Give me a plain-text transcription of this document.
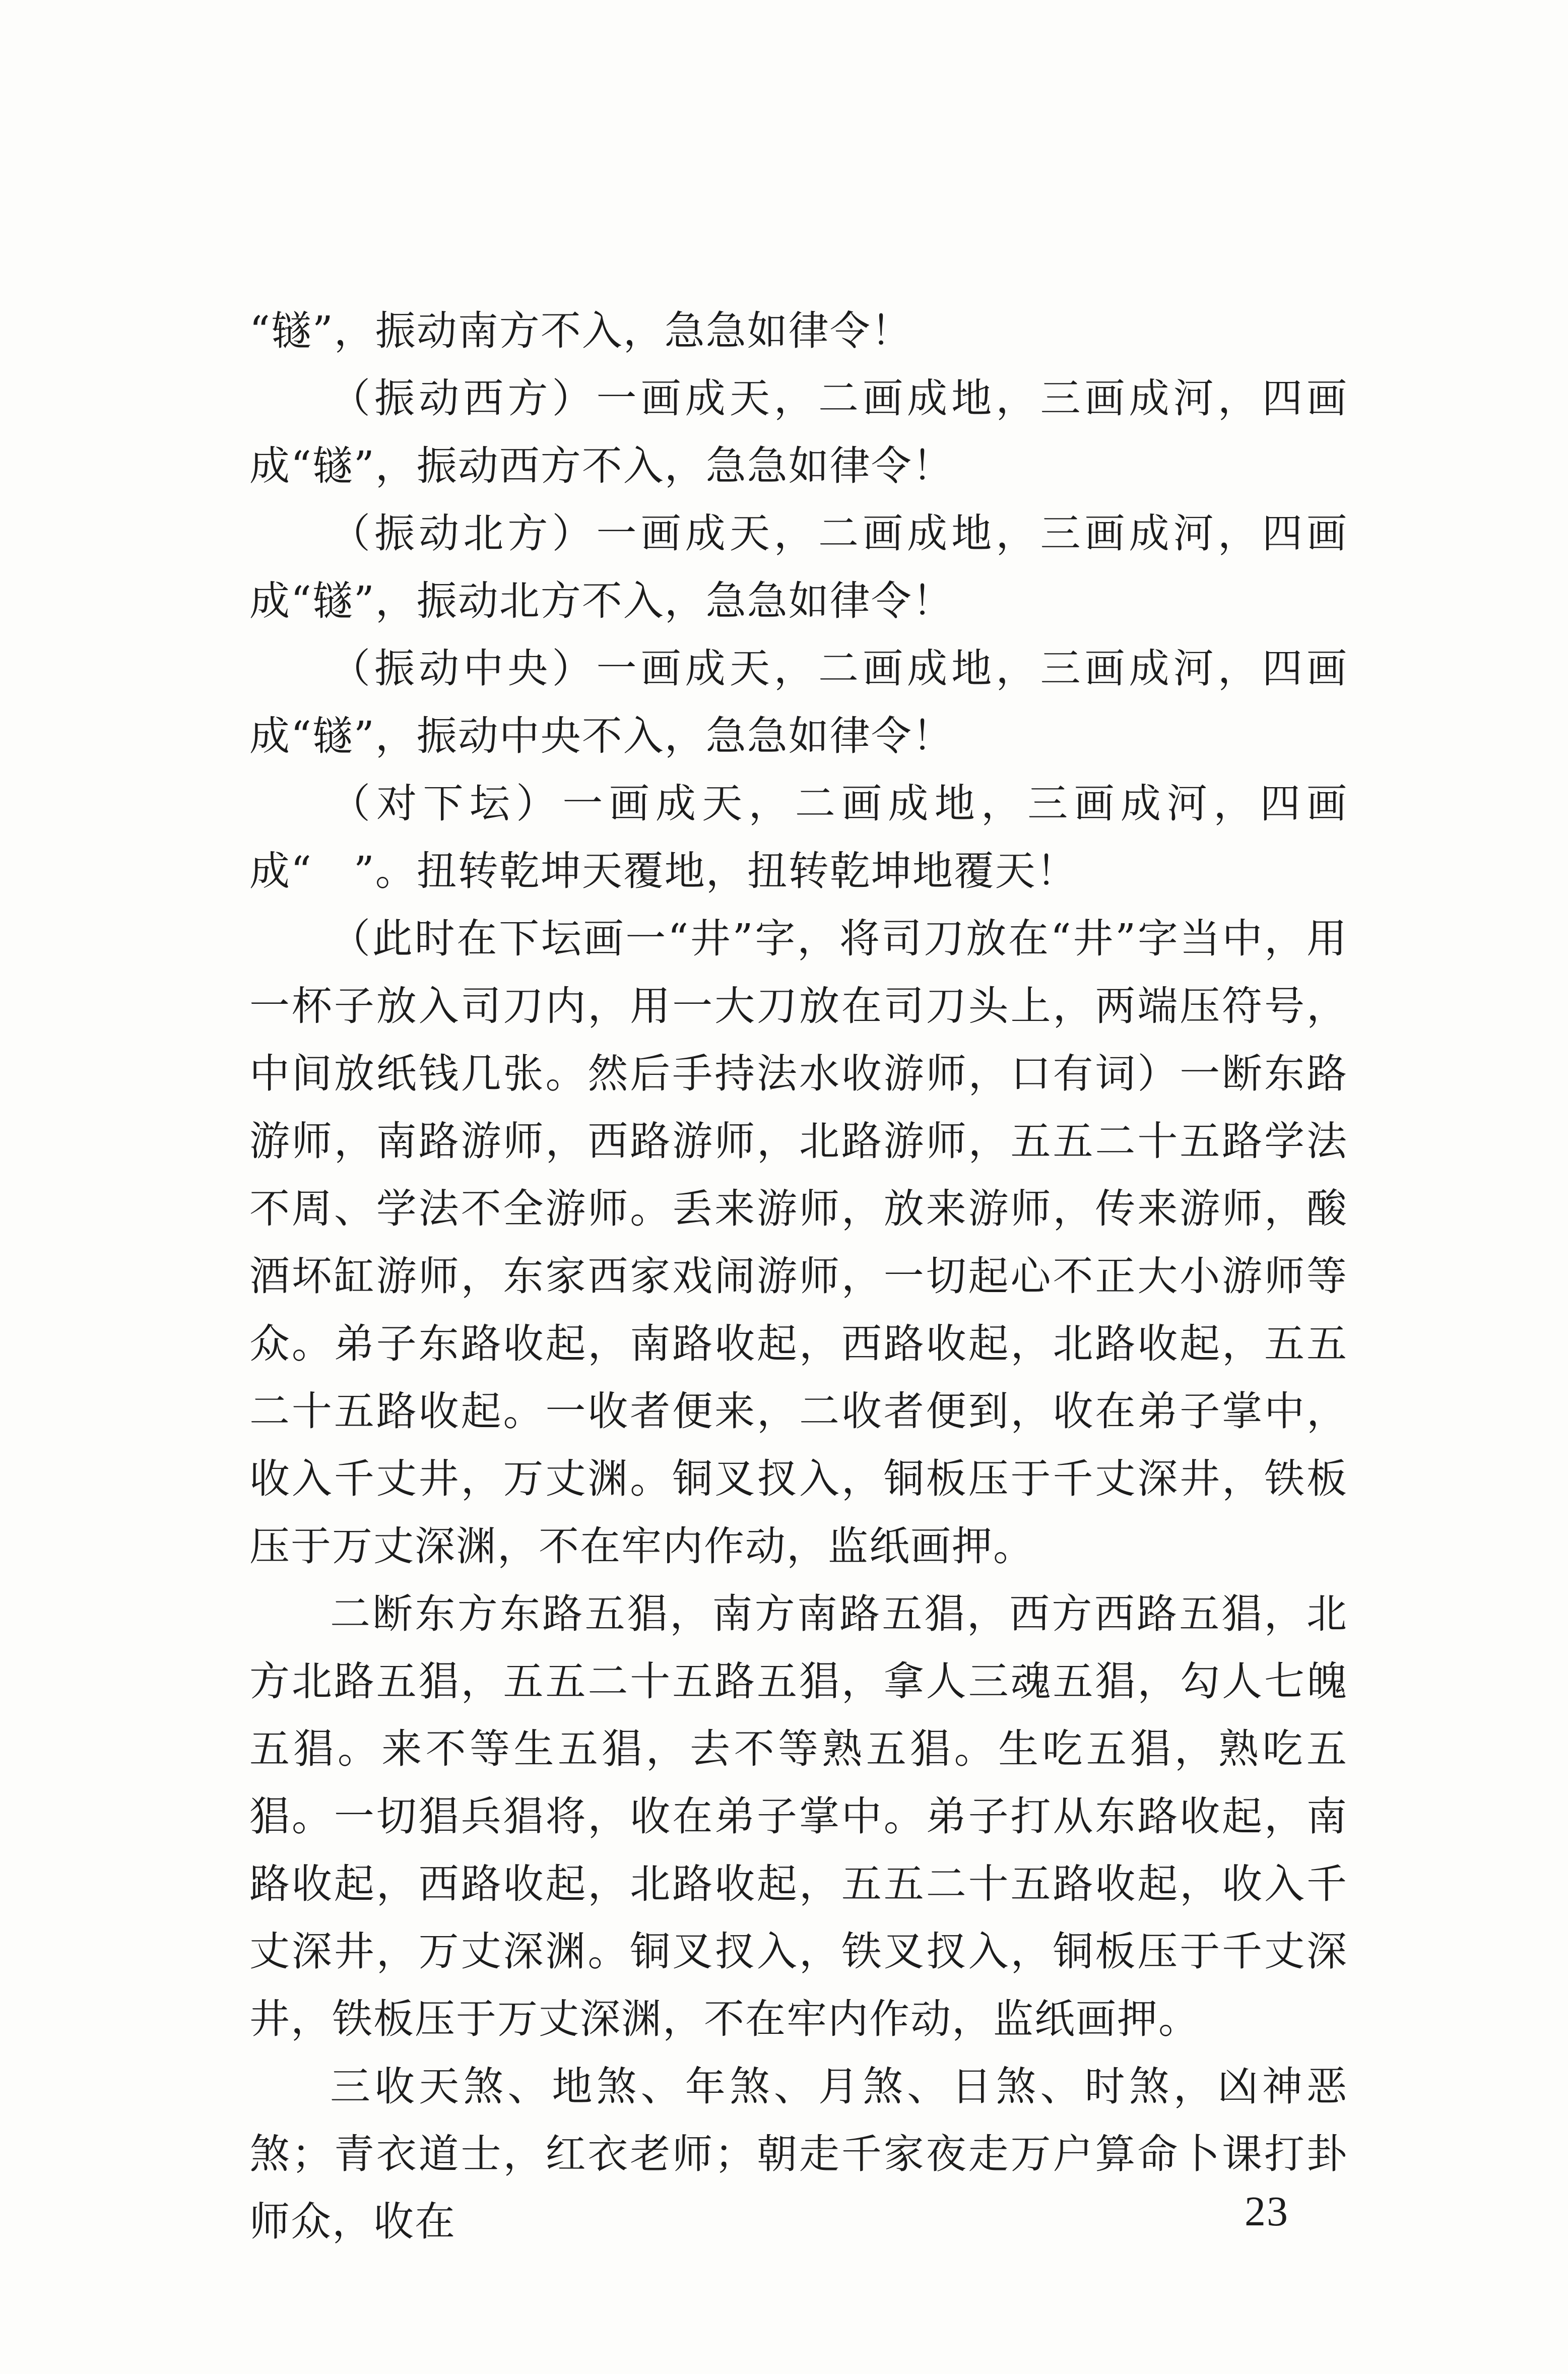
“𫟦”，振动南方不入，急急如律令！

（振动西方）一画成天，二画成地，三画成河，四画成“𫟦”，振动西方不入，急急如律令！

（振动北方）一画成天，二画成地，三画成河，四画成“𫟦”，振动北方不入，急急如律令！

（振动中央）一画成天，二画成地，三画成河，四画成“𫟦”，振动中央不入，急急如律令！

（对下坛）一画成天，二画成地，三画成河，四画成“　”。扭转乾坤天覆地，扭转乾坤地覆天！

（此时在下坛画一“井”字，将司刀放在“井”字当中，用一杯子放入司刀内，用一大刀放在司刀头上，两端压符号，中间放纸钱几张。然后手持法水收游师，口有词）一断东路游师，南路游师，西路游师，北路游师，五五二十五路学法不周、学法不全游师。丢来游师，放来游师，传来游师，酸酒坏缸游师，东家西家戏闹游师，一切起心不正大小游师等众。弟子东路收起，南路收起，西路收起，北路收起，五五二十五路收起。一收者便来，二收者便到，收在弟子掌中，收入千丈井，万丈渊。铜叉扠入，铜板压于千丈深井，铁板压于万丈深渊，不在牢内作动，监纸画押。

二断东方东路五猖，南方南路五猖，西方西路五猖，北方北路五猖，五五二十五路五猖，拿人三魂五猖，勾人七魄五猖。来不等生五猖，去不等熟五猖。生吃五猖，熟吃五猖。一切猖兵猖将，收在弟子掌中。弟子打从东路收起，南路收起，西路收起，北路收起，五五二十五路收起，收入千丈深井，万丈深渊。铜叉扠入，铁叉扠入，铜板压于千丈深井，铁板压于万丈深渊，不在牢内作动，监纸画押。

三收天煞、地煞、年煞、月煞、日煞、时煞，凶神恶煞；青衣道士，红衣老师；朝走千家夜走万户算命卜课打卦师众，收在	23
